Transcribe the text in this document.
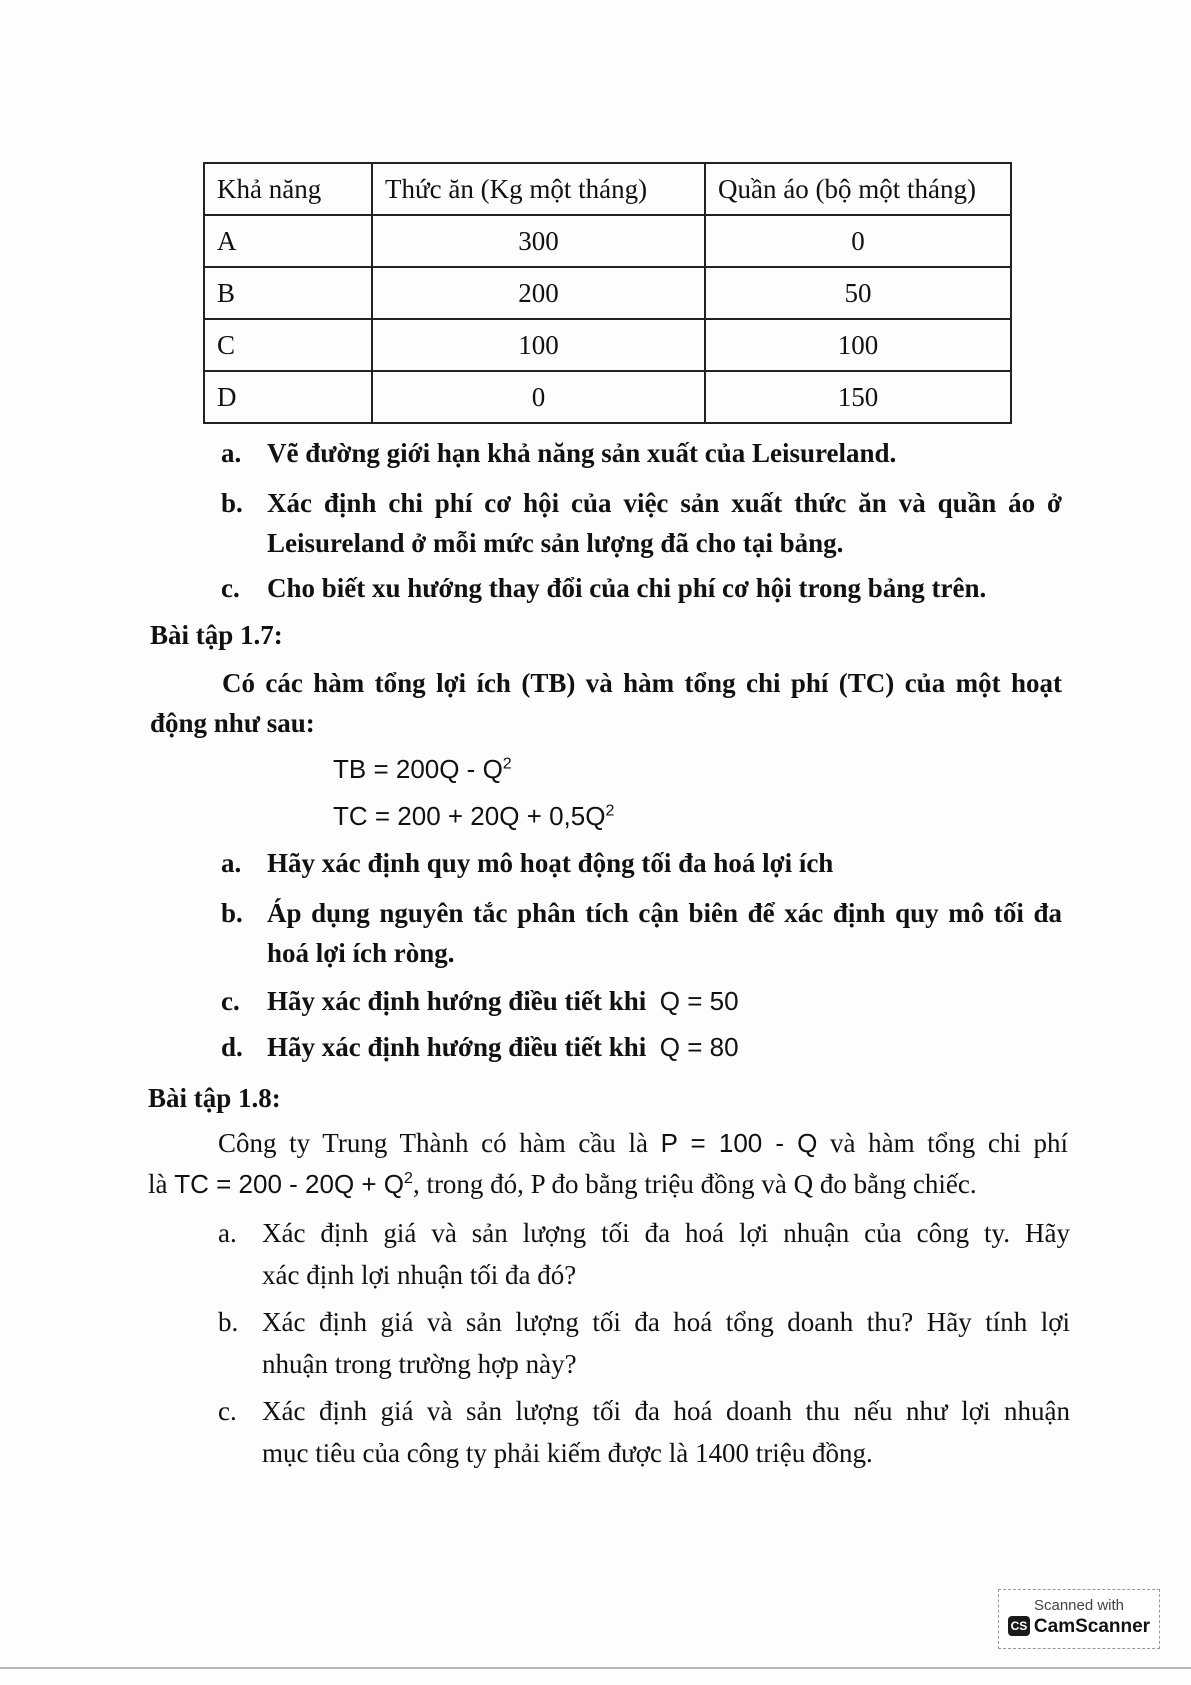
Khả năng	Thức ăn (Kg một tháng)	Quần áo (bộ một tháng)
A	300	0
B	200	50
C	100	100
D	0	150
a. Vẽ đường giới hạn khả năng sản xuất của Leisureland.
b. Xác định chi phí cơ hội của việc sản xuất thức ăn và quần áo ở
Leisureland ở mỗi mức sản lượng đã cho tại bảng.
c. Cho biết xu hướng thay đổi của chi phí cơ hội trong bảng trên.
Bài tập 1.7:
Có các hàm tổng lợi ích (TB) và hàm tổng chi phí (TC) của một hoạt
động như sau:
TB = $200Q - Q^2$
TC = $200 + 20Q + 0,5Q^2$
a. Hãy xác định quy mô hoạt động tối đa hoá lợi ích
b. Áp dụng nguyên tắc phân tích cận biên để xác định quy mô tối đa
hoá lợi ích ròng.
c. Hãy xác định hướng điều tiết khi Q = 50
d. Hãy xác định hướng điều tiết khi Q = 80
Bài tập 1.8:
Công ty Trung Thành có hàm cầu là P = 100 - Q và hàm tổng chi phí
là TC = $200 - 20Q + Q^2$, trong đó, P đo bằng triệu đồng và Q đo bằng chiếc.
a. Xác định giá và sản lượng tối đa hoá lợi nhuận của công ty. Hãy
xác định lợi nhuận tối đa đó?
b. Xác định giá và sản lượng tối đa hoá tổng doanh thu? Hãy tính lợi
nhuận trong trường hợp này?
c. Xác định giá và sản lượng tối đa hoá doanh thu nếu như lợi nhuận
mục tiêu của công ty phải kiếm được là 1400 triệu đồng.
Scanned with
CS CamScanner
